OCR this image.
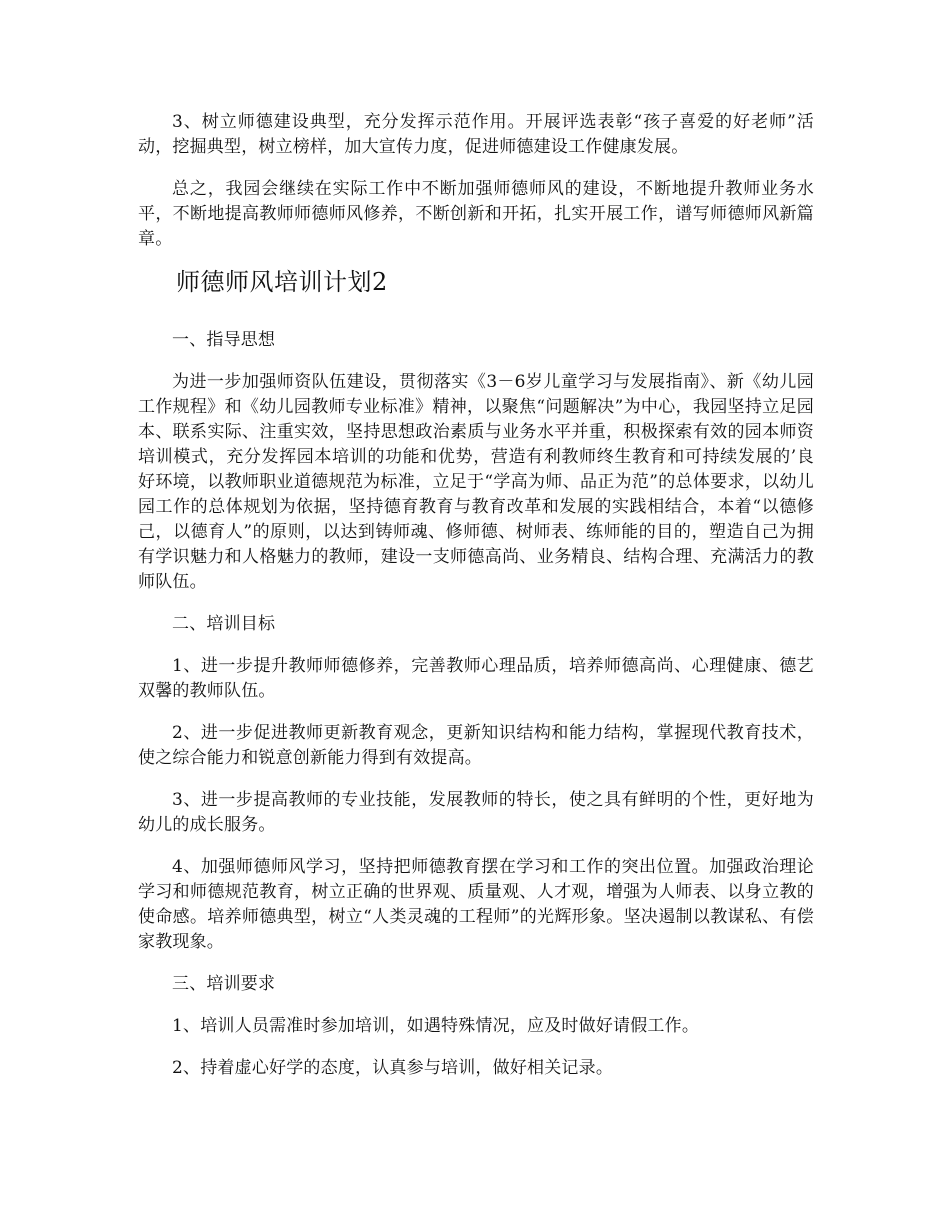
3、树立师德建设典型，充分发挥示范作用。开展评选表彰“孩子喜爱的好老师”活动，挖掘典型，树立榜样，加大宣传力度，促进师德建设工作健康发展。

总之，我园会继续在实际工作中不断加强师德师风的建设，不断地提升教师业务水平，不断地提高教师师德师风修养，不断创新和开拓，扎实开展工作，谱写师德师风新篇章。

师德师风培训计划2

一、指导思想

为进一步加强师资队伍建设，贯彻落实《3－6岁儿童学习与发展指南》、新《幼儿园工作规程》和《幼儿园教师专业标准》精神，以聚焦“问题解决”为中心，我园坚持立足园本、联系实际、注重实效，坚持思想政治素质与业务水平并重，积极探索有效的园本师资培训模式，充分发挥园本培训的功能和优势，营造有利教师终生教育和可持续发展的’良好环境，以教师职业道德规范为标准，立足于“学高为师、品正为范”的总体要求，以幼儿园工作的总体规划为依据，坚持德育教育与教育改革和发展的实践相结合，本着“以德修己，以德育人”的原则，以达到铸师魂、修师德、树师表、练师能的目的，塑造自己为拥有学识魅力和人格魅力的教师，建设一支师德高尚、业务精良、结构合理、充满活力的教师队伍。

二、培训目标

1、进一步提升教师师德修养，完善教师心理品质，培养师德高尚、心理健康、德艺双馨的教师队伍。

2、进一步促进教师更新教育观念，更新知识结构和能力结构，掌握现代教育技术，使之综合能力和锐意创新能力得到有效提高。

3、进一步提高教师的专业技能，发展教师的特长，使之具有鲜明的个性，更好地为幼儿的成长服务。

4、加强师德师风学习，坚持把师德教育摆在学习和工作的突出位置。加强政治理论学习和师德规范教育，树立正确的世界观、质量观、人才观，增强为人师表、以身立教的使命感。培养师德典型，树立“人类灵魂的工程师”的光辉形象。坚决遏制以教谋私、有偿家教现象。

三、培训要求

1、培训人员需准时参加培训，如遇特殊情况，应及时做好请假工作。

2、持着虚心好学的态度，认真参与培训，做好相关记录。
